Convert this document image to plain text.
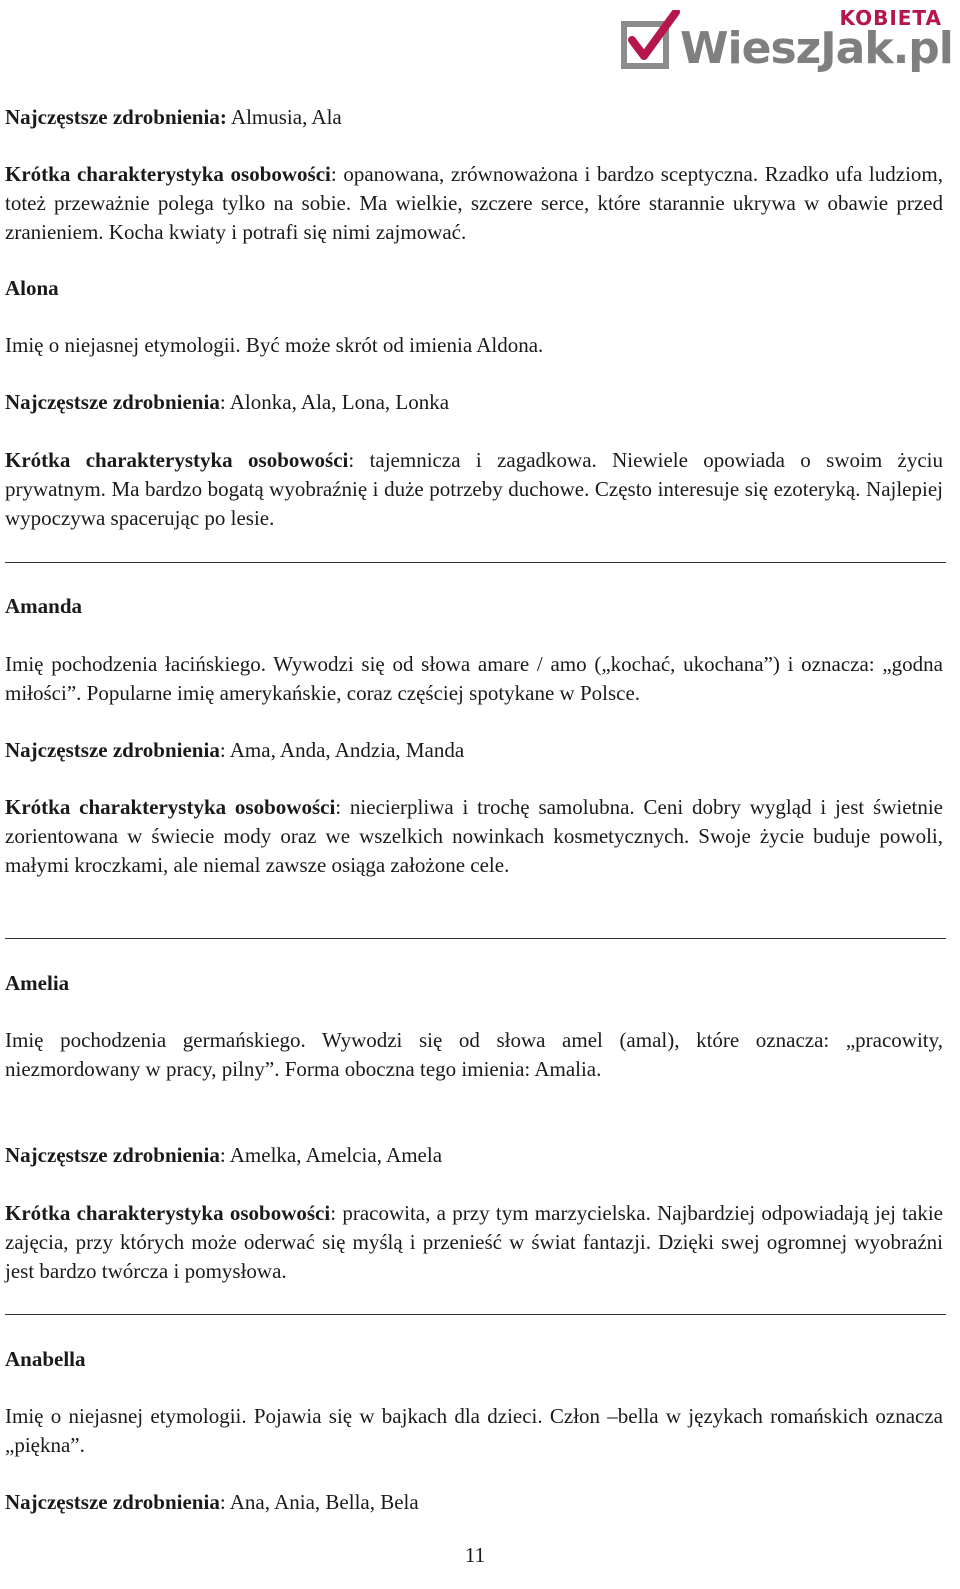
KOBIETA
WieszJak.pl

Najczęstsze zdrobnienia: Almusia, Ala

Krótka charakterystyka osobowości: opanowana, zrównoważona i bardzo sceptyczna. Rzadko ufa ludziom, toteż przeważnie polega tylko na sobie. Ma wielkie, szczere serce, które starannie ukrywa w obawie przed zranieniem. Kocha kwiaty i potrafi się nimi zajmować.

Alona

Imię o niejasnej etymologii. Być może skrót od imienia Aldona.

Najczęstsze zdrobnienia: Alonka, Ala, Lona, Lonka

Krótka charakterystyka osobowości: tajemnicza i zagadkowa. Niewiele opowiada o swoim życiu prywatnym. Ma bardzo bogatą wyobraźnię i duże potrzeby duchowe. Często interesuje się ezoteryką. Najlepiej wypoczywa spacerując po lesie.

Amanda

Imię pochodzenia łacińskiego. Wywodzi się od słowa amare / amo („kochać, ukochana”) i oznacza: „godna miłości”. Popularne imię amerykańskie, coraz częściej spotykane w Polsce.

Najczęstsze zdrobnienia: Ama, Anda, Andzia, Manda

Krótka charakterystyka osobowości: niecierpliwa i trochę samolubna. Ceni dobry wygląd i jest świetnie zorientowana w świecie mody oraz we wszelkich nowinkach kosmetycznych. Swoje życie buduje powoli, małymi kroczkami, ale niemal zawsze osiąga założone cele.

Amelia

Imię pochodzenia germańskiego. Wywodzi się od słowa amel (amal), które oznacza: „pracowity, niezmordowany w pracy, pilny”. Forma oboczna tego imienia: Amalia.

Najczęstsze zdrobnienia: Amelka, Amelcia, Amela

Krótka charakterystyka osobowości: pracowita, a przy tym marzycielska. Najbardziej odpowiadają jej takie zajęcia, przy których może oderwać się myślą i przenieść w świat fantazji. Dzięki swej ogromnej wyobraźni jest bardzo twórcza i pomysłowa.

Anabella

Imię o niejasnej etymologii. Pojawia się w bajkach dla dzieci. Człon –bella w językach romańskich oznacza „piękna”.

Najczęstsze zdrobnienia: Ana, Ania, Bella, Bela

11
